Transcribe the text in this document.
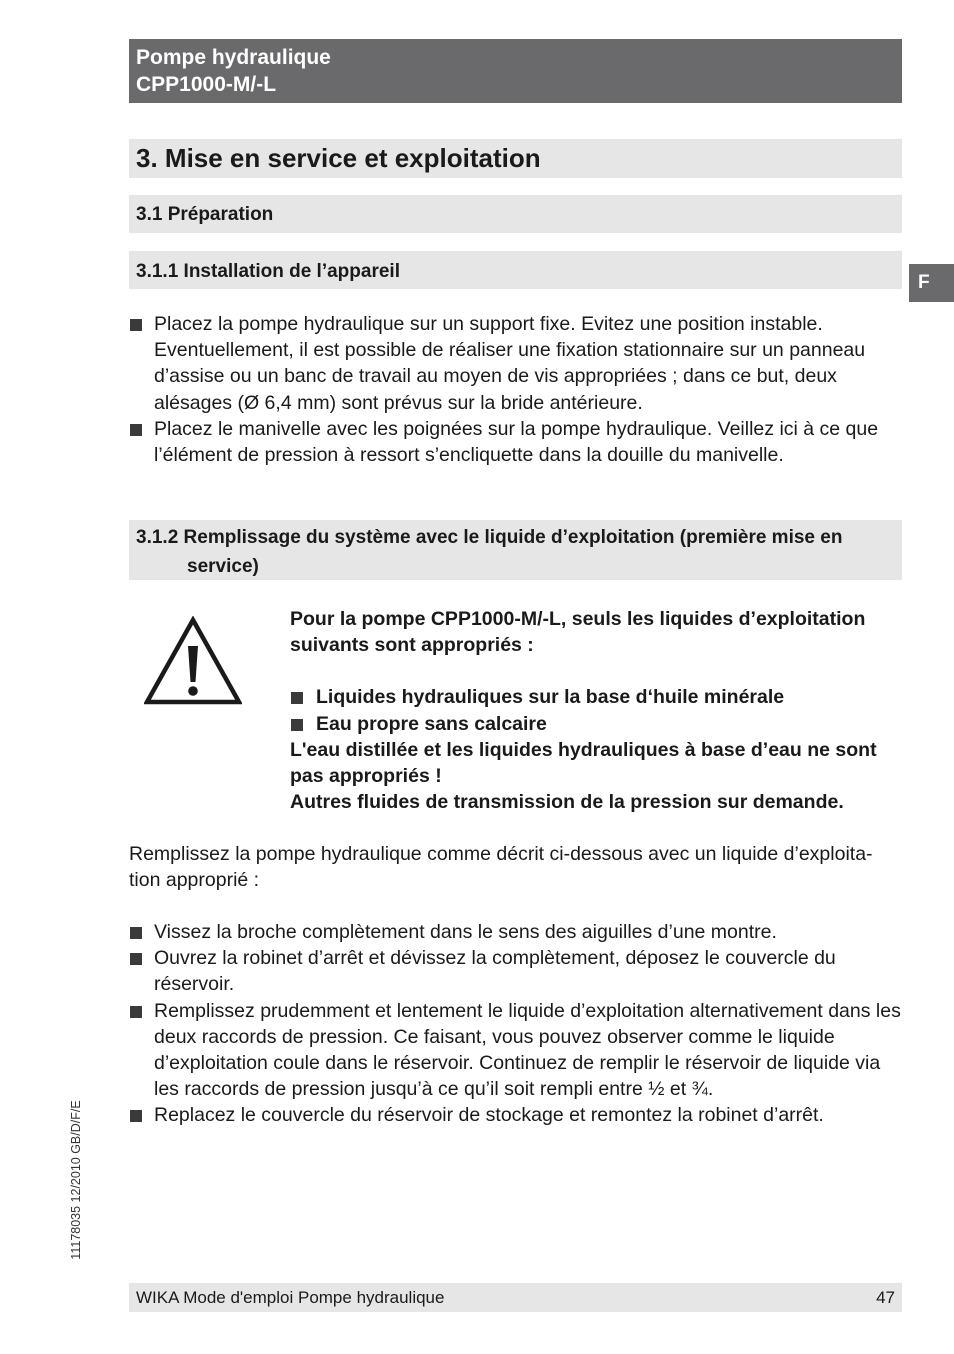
Pompe hydraulique
CPP1000-M/-L
F
3. Mise en service et exploitation
3.1 Préparation
3.1.1 Installation de l’appareil
Placez la pompe hydraulique sur un support fixe. Evitez une position instable. Eventuellement, il est possible de réaliser une fixation stationnaire sur un panneau d’assise ou un banc de travail au moyen de vis appropriées ; dans ce but, deux alésages (Ø 6,4 mm) sont prévus sur la bride antérieure.
Placez le manivelle avec les poignées sur la pompe hydraulique. Veillez ici à ce que l’élément de pression à ressort s’encliquette dans la douille du manivelle.
3.1.2 Remplissage du système avec le liquide d’exploitation (première mise en service)

Pour la pompe CPP1000-M/-L, seuls les liquides d’exploitation suivants sont appropriés :

Liquides hydrauliques sur la base d‘huile minérale
Eau propre sans calcaire

L'eau distillée et les liquides hydrauliques à base d’eau ne sont pas appropriés !

Autres fluides de transmission de la pression sur demande.

Remplissez la pompe hydraulique comme décrit ci-dessous avec un liquide d’exploita- tion approprié :

Vissez la broche complètement dans le sens des aiguilles d’une montre.
Ouvrez la robinet d’arrêt et dévissez la complètement, déposez le couvercle du réservoir.
Remplissez prudemment et lentement le liquide d’exploitation alternativement dans les deux raccords de pression. Ce faisant, vous pouvez observer comme le liquide d’exploitation coule dans le réservoir. Continuez de remplir le réservoir de liquide via les raccords de pression jusqu’à ce qu’il soit rempli entre ½ et ¾.
Replacez le couvercle du réservoir de stockage et remontez la robinet d’arrêt.
11178035 12/2010 GB/D/F/E
WIKA Mode d'emploi Pompe hydraulique	47
